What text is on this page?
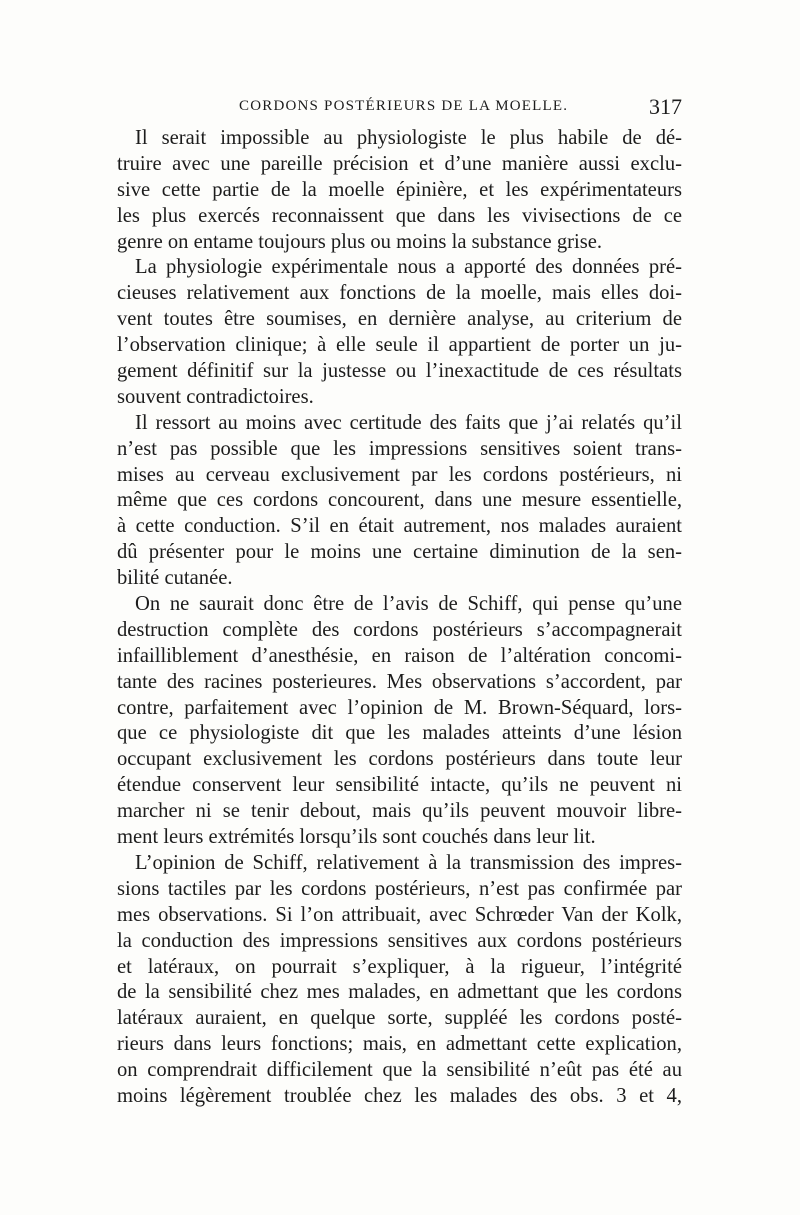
CORDONS POSTÉRIEURS DE LA MOELLE.	317
Il serait impossible au physiologiste le plus habile de dé-
truire avec une pareille précision et d’une manière aussi exclu-
sive cette partie de la moelle épinière, et les expérimentateurs
les plus exercés reconnaissent que dans les vivisections de ce
genre on entame toujours plus ou moins la substance grise.
La physiologie expérimentale nous a apporté des données pré-
cieuses relativement aux fonctions de la moelle, mais elles doi-
vent toutes être soumises, en dernière analyse, au criterium de
l’observation clinique; à elle seule il appartient de porter un ju-
gement définitif sur la justesse ou l’inexactitude de ces résultats
souvent contradictoires.
Il ressort au moins avec certitude des faits que j’ai relatés qu’il
n’est pas possible que les impressions sensitives soient trans-
mises au cerveau exclusivement par les cordons postérieurs, ni
même que ces cordons concourent, dans une mesure essentielle,
à cette conduction. S’il en était autrement, nos malades auraient
dû présenter pour le moins une certaine diminution de la sen-
bilité cutanée.
On ne saurait donc être de l’avis de Schiff, qui pense qu’une
destruction complète des cordons postérieurs s’accompagnerait
infailliblement d’anesthésie, en raison de l’altération concomi-
tante des racines posterieures. Mes observations s’accordent, par
contre, parfaitement avec l’opinion de M. Brown-Séquard, lors-
que ce physiologiste dit que les malades atteints d’une lésion
occupant exclusivement les cordons postérieurs dans toute leur
étendue conservent leur sensibilité intacte, qu’ils ne peuvent ni
marcher ni se tenir debout, mais qu’ils peuvent mouvoir libre-
ment leurs extrémités lorsqu’ils sont couchés dans leur lit.
L’opinion de Schiff, relativement à la transmission des impres-
sions tactiles par les cordons postérieurs, n’est pas confirmée par
mes observations. Si l’on attribuait, avec Schrœder Van der Kolk,
la conduction des impressions sensitives aux cordons postérieurs
et latéraux, on pourrait s’expliquer, à la rigueur, l’intégrité
de la sensibilité chez mes malades, en admettant que les cordons
latéraux auraient, en quelque sorte, suppléé les cordons posté-
rieurs dans leurs fonctions; mais, en admettant cette explication,
on comprendrait difficilement que la sensibilité n’eût pas été au
moins légèrement troublée chez les malades des obs. 3 et 4,
